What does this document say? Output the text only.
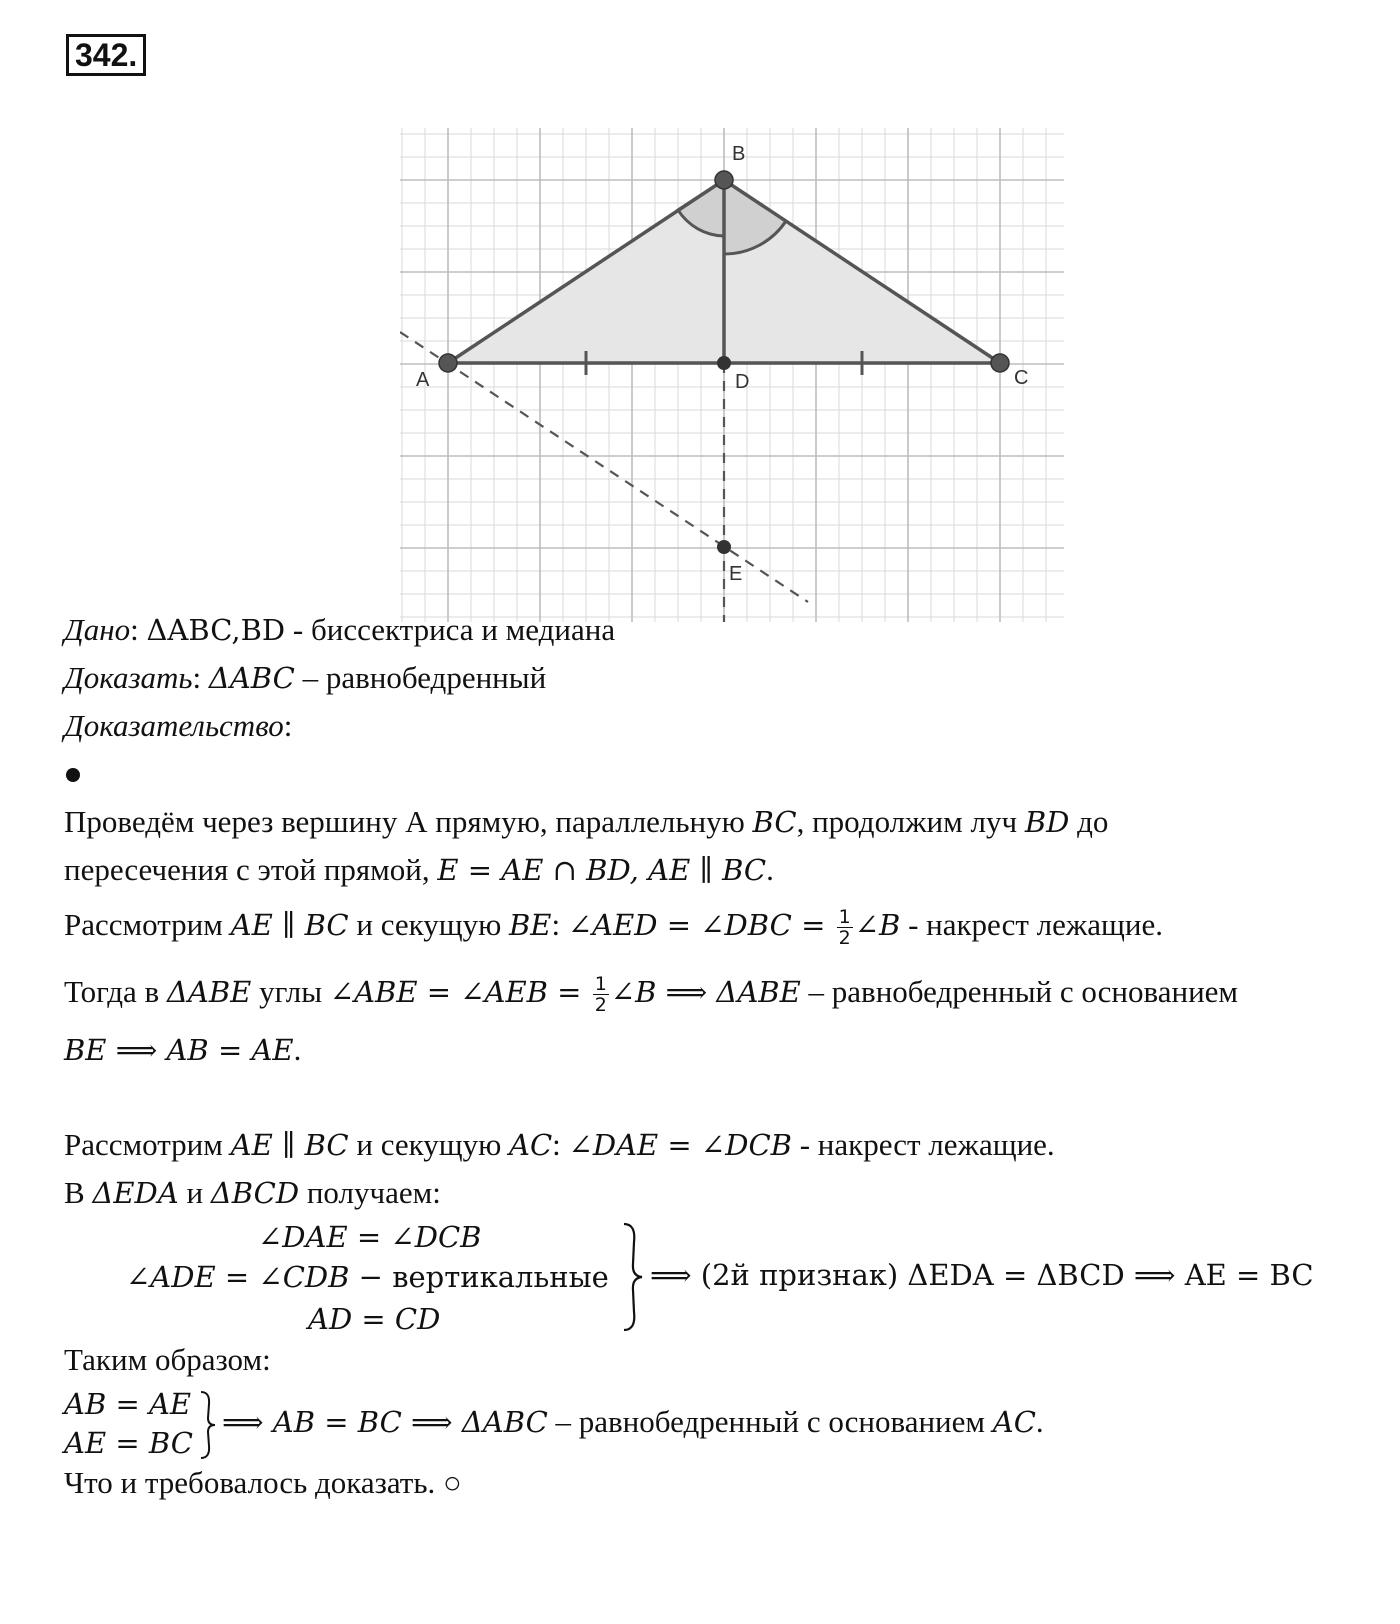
342.
A
B
C
D
E
Дано: ΔABC,BD - биссектриса и медиана
Доказать: ΔABC – равнобедренный
Доказательство:
Проведём через вершину А прямую, параллельную BC, продолжим луч BD до
пересечения с этой прямой, E = AE ∩ BD, AE ∥ BC.
Рассмотрим AE ∥ BC и секущую BE: ∠AED = ∠DBC = $\frac{1}{2}$ ∠B - накрест лежащие.
Тогда в ΔABE углы ∠ABE = ∠AEB = $\frac{1}{2}$ ∠B ⟹ ΔABE – равнобедренный с основанием
BE ⟹ AB = AE.
Рассмотрим AE ∥ BC и секущую AC: ∠DAE = ∠DCB - накрест лежащие.
В ΔEDA и ΔBCD получаем:
∠DAE = ∠DCB
∠ADE = ∠CDB − вертикальные
AD = CD
⟹ (2й признак) ΔEDA = ΔBCD ⟹ AE = BC
Таким образом:
AB = AE
AE = BC
⟹ AB = BC ⟹ ΔABC – равнобедренный с основанием AC.
Что и требовалось доказать. ○
